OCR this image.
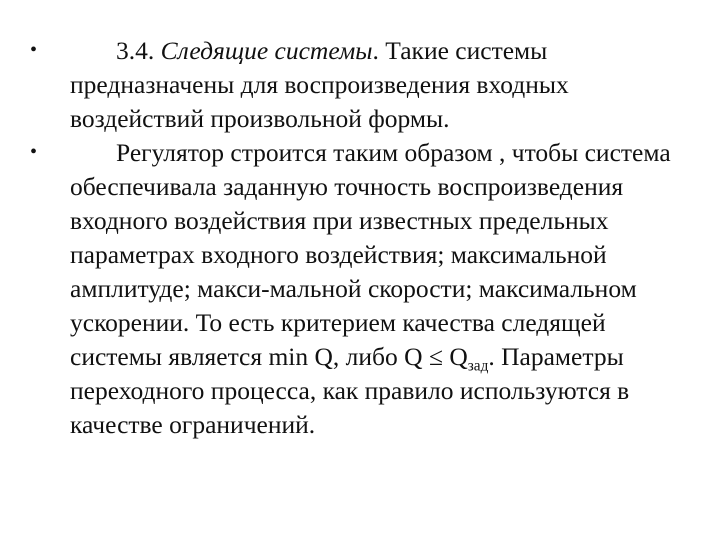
•	3.4. Следящие системы. Такие системы предназначены для воспроизведения входных воздействий произвольной формы.

•	Регулятор строится таким образом , чтобы система обеспечивала заданную точность воспроизведения входного воздействия при известных предельных параметрах входного воздействия; максимальной амплитуде; макси-мальной скорости; максимальном ускорении. То есть критерием качества следящей системы является min Q, либо $Q \le Q_{зад}$. Параметры переходного процесса, как правило используются в качестве ограничений.
